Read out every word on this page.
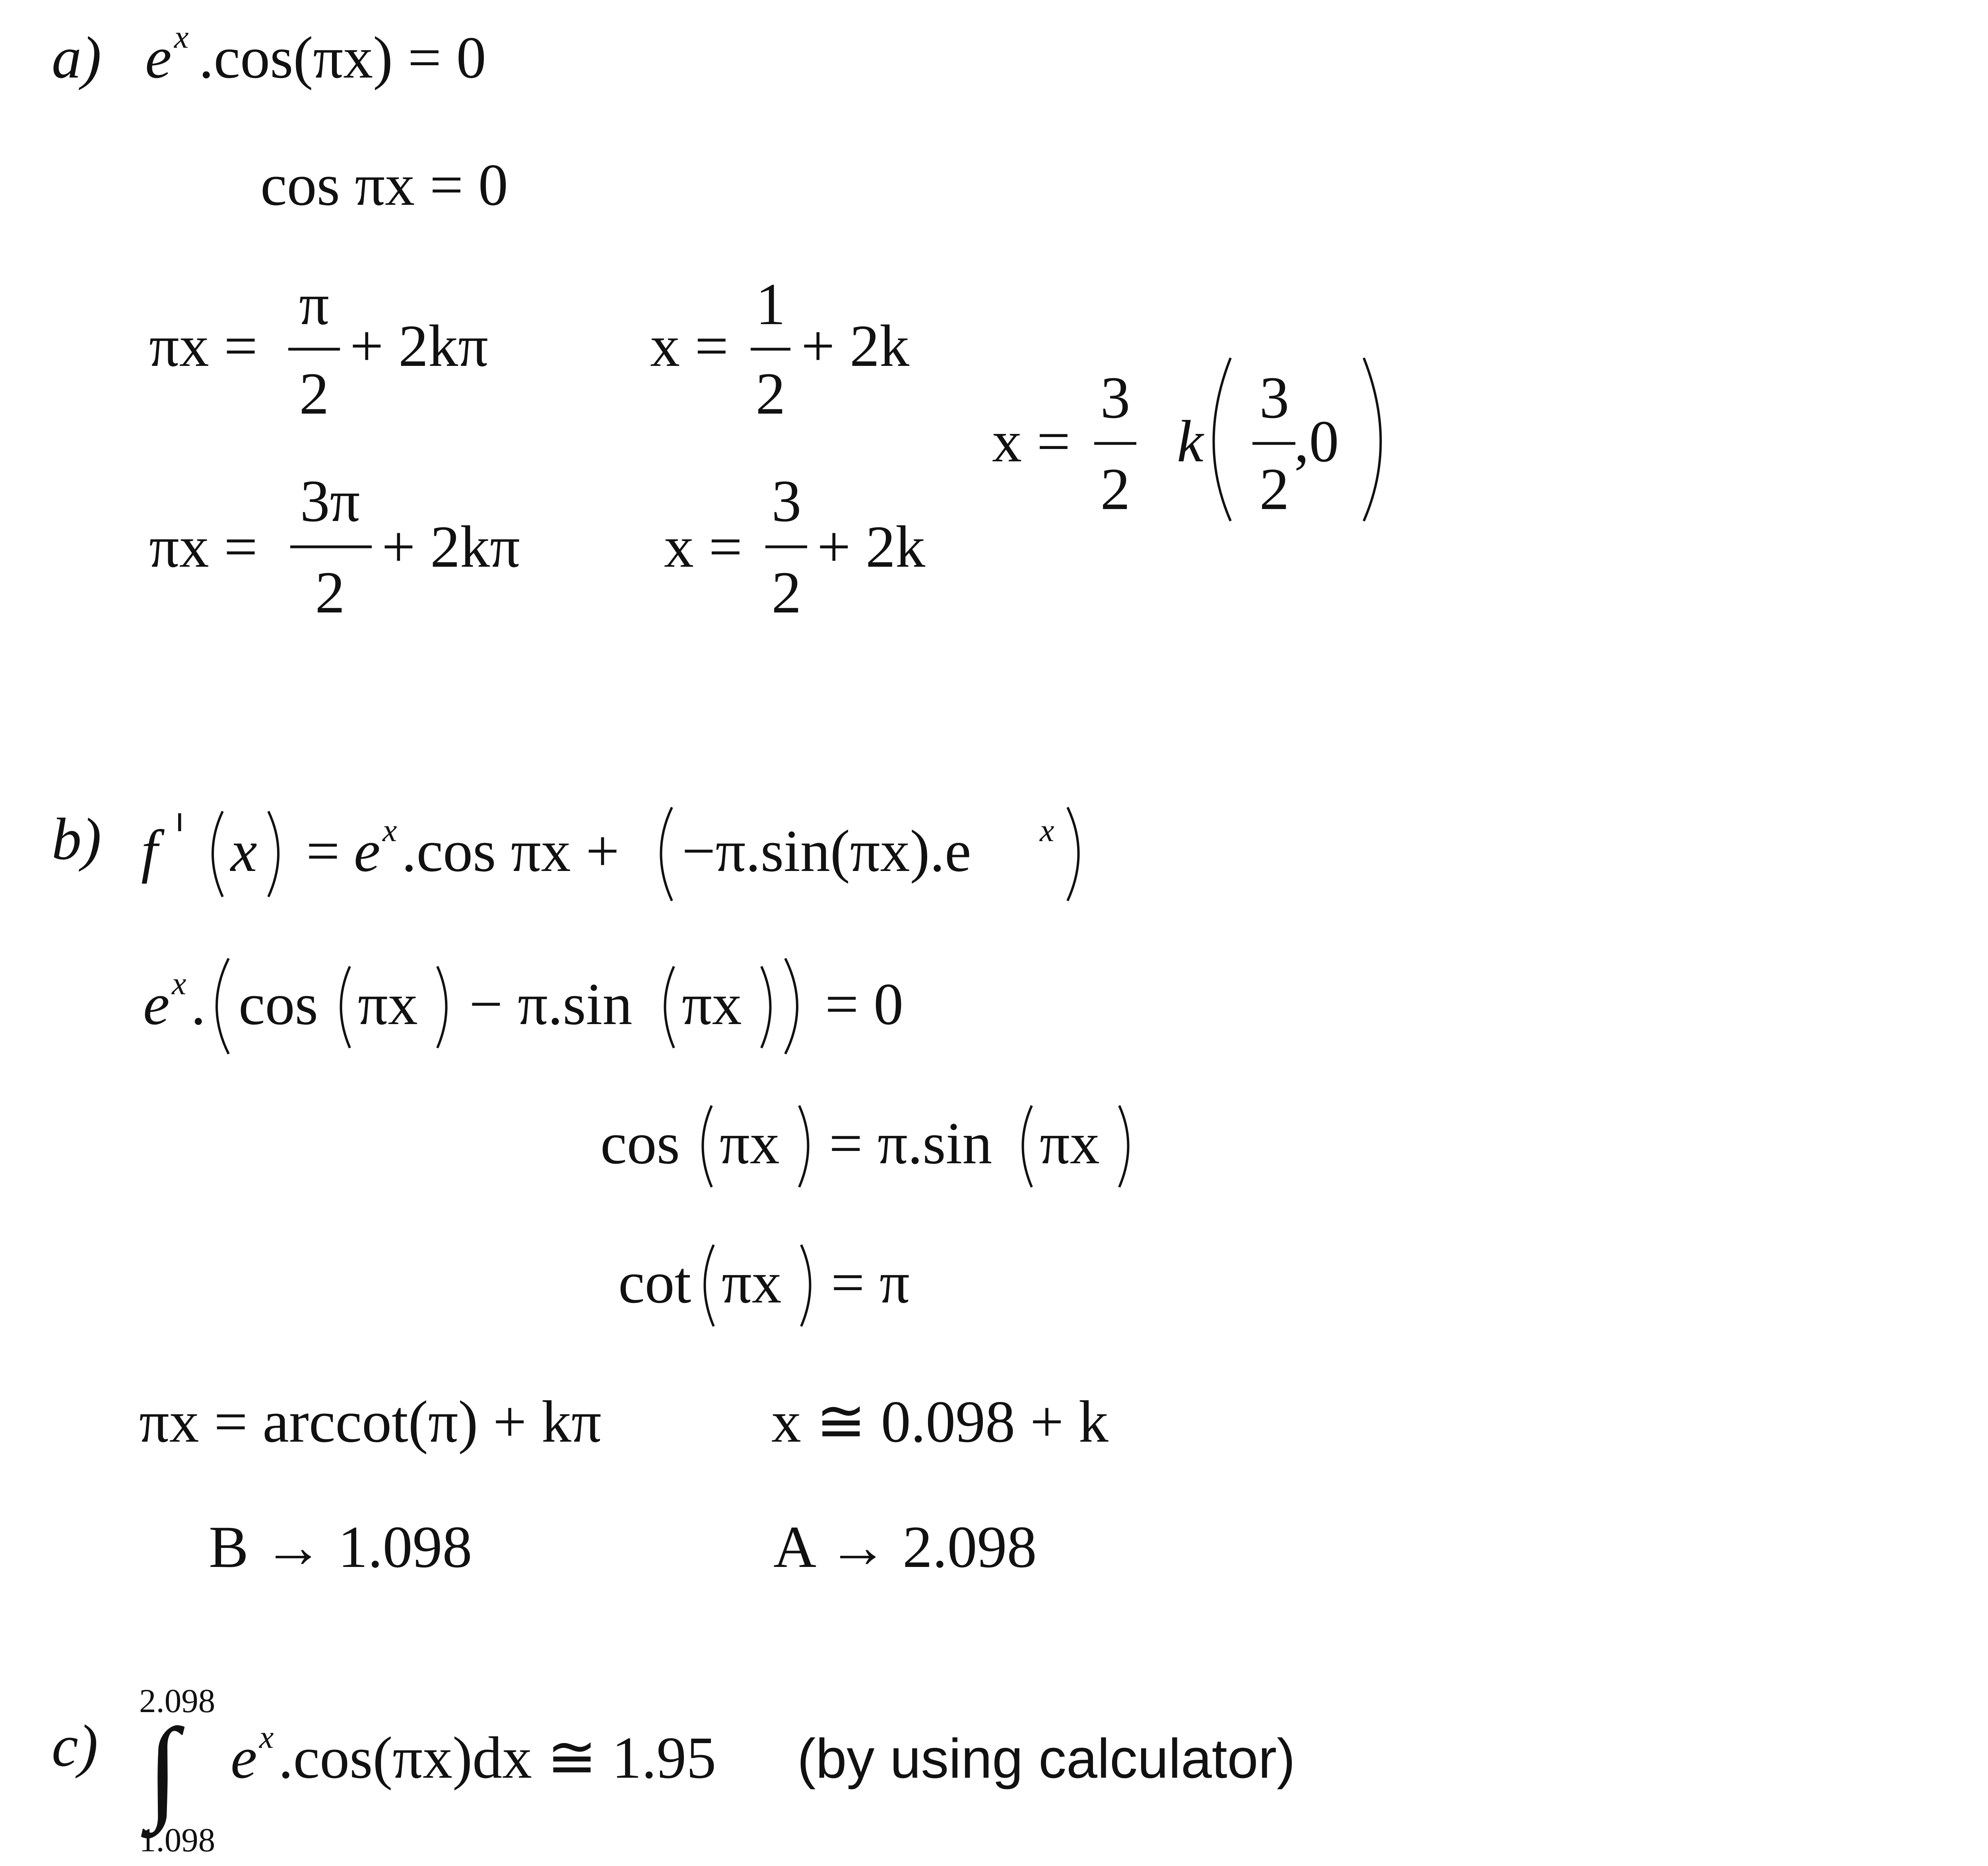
a) e x .cos(πx) = 0
cos πx = 0
πx =
π
2
+ 2kπ	x =
1
2
+ 2k
πx =
3π
2
+ 2kπ x =
3
2
+ 2k
x =
3
2
k
3
2
,0
b) f ı x = e x .cos πx + −π.sin(πx).e x
e x . cos πx − π.sin πx = 0
cos πx = π.sin πx
cot πx = π
πx = arccot(π) + kπ	x ≅ 0.098 + k
B → 1.098	A → 2.098
c)
2.098
∫
1.098
e x .cos(πx)dx ≅ 1.95 (by using calculator)
